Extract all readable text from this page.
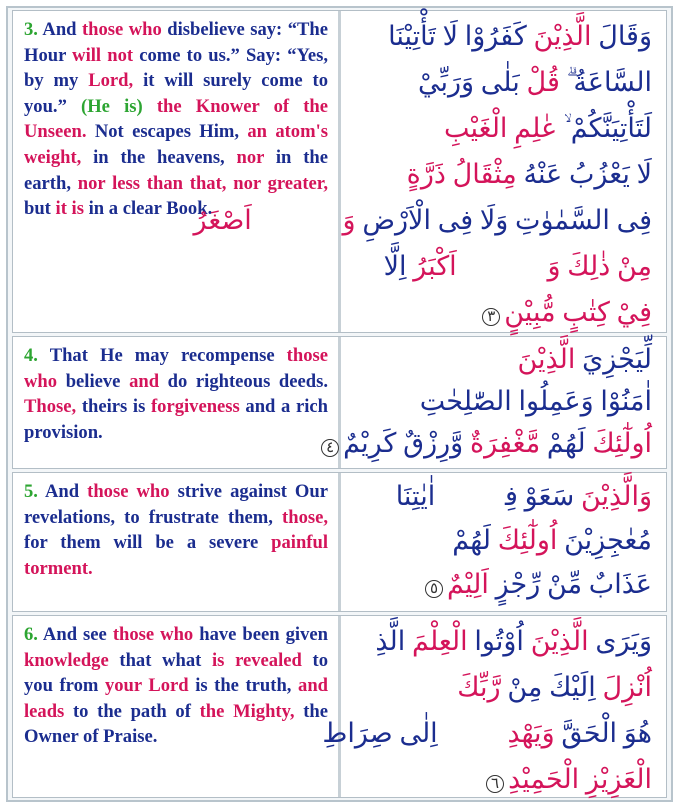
3. And those who disbelieve say: “The Hour will not come to us.” Say: “Yes, by my Lord, it will surely come to you.” (He is) the Knower of the Unseen. Not escapes Him, an atom's weight, in the heavens, nor in the earth, nor less than that, nor greater, but it is in a clear Book.
وَقَالَ الَّذِيْنَ كَفَرُوْا لَا تَأْتِيْنَا
السَّاعَةُ ۗ قُلْ بَلٰى وَرَبِّيْ
لَتَأْتِيَنَّكُمْ ۙ عٰلِمِ الْغَيْبِ
لَا يَعْزُبُ عَنْهُ مِثْقَالُ ذَرَّةٍ
فِى السَّمٰوٰتِ وَلَا فِى الْاَرْضِ وَلَاۤ اَصْغَرُ
مِنْ ذٰلِكَ وَلَاۤ اَكْبَرُ اِلَّا
فِيْ كِتٰبٍ مُّبِيْنٍ٣
4. That He may recompense those who believe and do righteous deeds. Those, theirs is forgiveness and a rich provision.
لِّيَجْزِيَ الَّذِيْنَ
اٰمَنُوْا وَعَمِلُوا الصّٰلِحٰتِ
اُولٰٓئِكَ لَهُمْ مَّغْفِرَةٌ وَّرِزْقٌ كَرِيْمٌ٤
5. And those who strive against Our revelations, to frustrate them, those, for them will be a severe painful torment.
وَالَّذِيْنَ سَعَوْ فِيْۤ اٰيٰتِنَا
مُعٰجِزِيْنَ اُولٰٓئِكَ لَهُمْ
عَذَابٌ مِّنْ رِّجْزٍ اَلِيْمٌ٥
6. And see those who have been given knowledge that what is revealed to you from your Lord is the truth, and leads to the path of the Mighty, the Owner of Praise.
وَيَرَى الَّذِيْنَ اُوْتُوا الْعِلْمَ الَّذِيْۤ
اُنْزِلَ اِلَيْكَ مِنْ رَّبِّكَ
هُوَ الْحَقَّ وَيَهْدِيْۤ اِلٰى صِرَاطِ
الْعَزِيْزِ الْحَمِيْدِ٦
